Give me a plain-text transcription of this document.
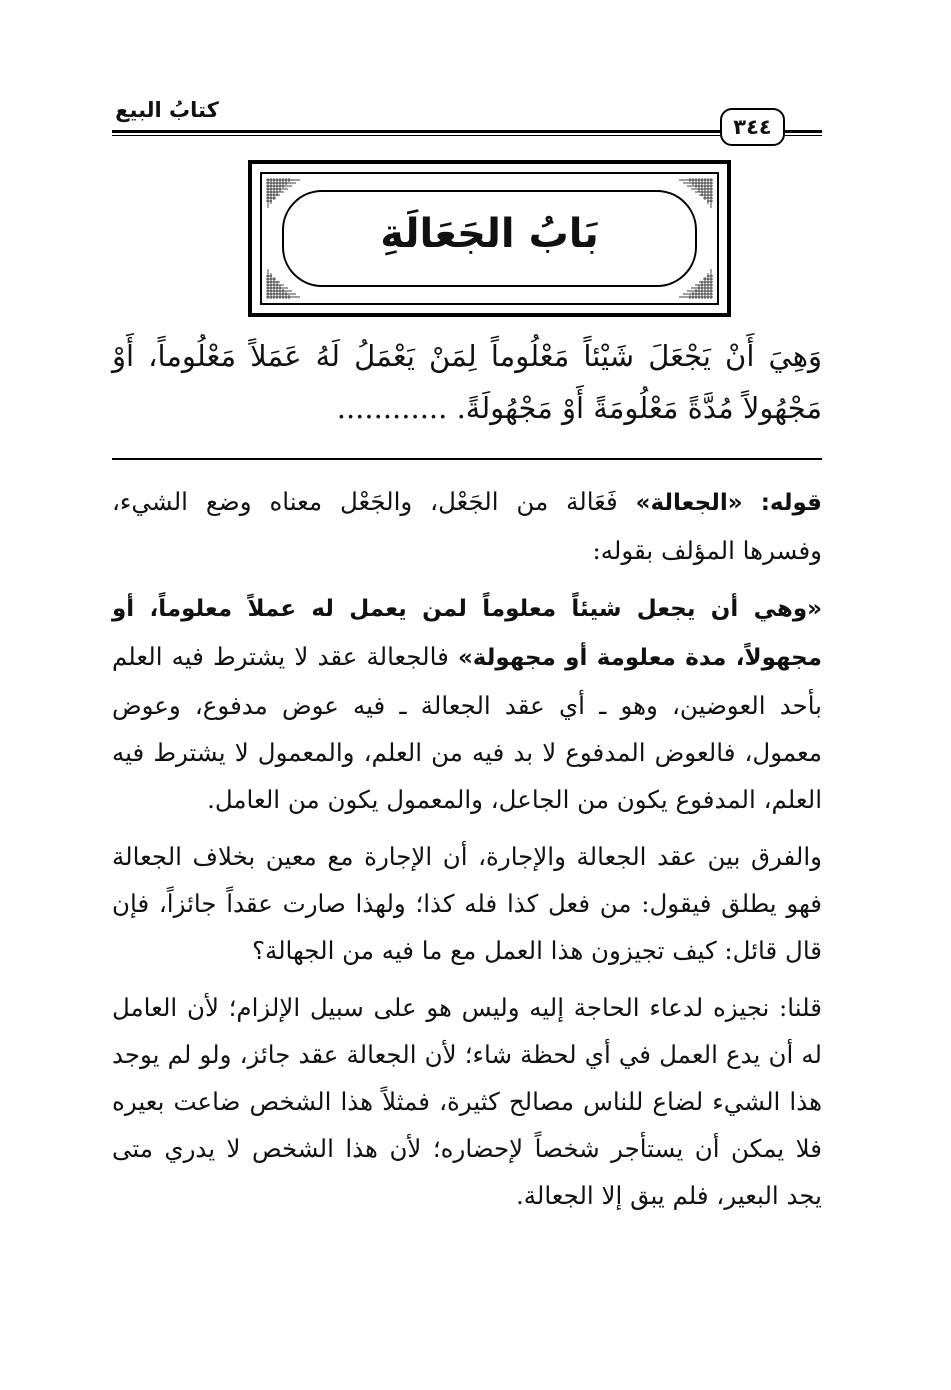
كتابُ البيع
٣٤٤
بَابُ الجَعَالَةِ
وَهِيَ أَنْ يَجْعَلَ شَيْئاً مَعْلُوماً لِمَنْ يَعْمَلُ لَهُ عَمَلاً مَعْلُوماً، أَوْ مَجْهُولاً مُدَّةً مَعْلُومَةً أَوْ مَجْهُولَةً. ............

قوله: «الجعالة» فَعَالة من الجَعْل، والجَعْل معناه وضع الشيء، وفسرها المؤلف بقوله:

«وهي أن يجعل شيئاً معلوماً لمن يعمل له عملاً معلوماً، أو مجهولاً، مدة معلومة أو مجهولة» فالجعالة عقد لا يشترط فيه العلم بأحد العوضين، وهو ـ أي عقد الجعالة ـ فيه عوض مدفوع، وعوض معمول، فالعوض المدفوع لا بد فيه من العلم، والمعمول لا يشترط فيه العلم، المدفوع يكون من الجاعل، والمعمول يكون من العامل.

والفرق بين عقد الجعالة والإجارة، أن الإجارة مع معين بخلاف الجعالة فهو يطلق فيقول: من فعل كذا فله كذا؛ ولهذا صارت عقداً جائزاً، فإن قال قائل: كيف تجيزون هذا العمل مع ما فيه من الجهالة؟

قلنا: نجيزه لدعاء الحاجة إليه وليس هو على سبيل الإلزام؛ لأن العامل له أن يدع العمل في أي لحظة شاء؛ لأن الجعالة عقد جائز، ولو لم يوجد هذا الشيء لضاع للناس مصالح كثيرة، فمثلاً هذا الشخص ضاعت بعيره فلا يمكن أن يستأجر شخصاً لإحضاره؛ لأن هذا الشخص لا يدري متى يجد البعير، فلم يبق إلا الجعالة.
